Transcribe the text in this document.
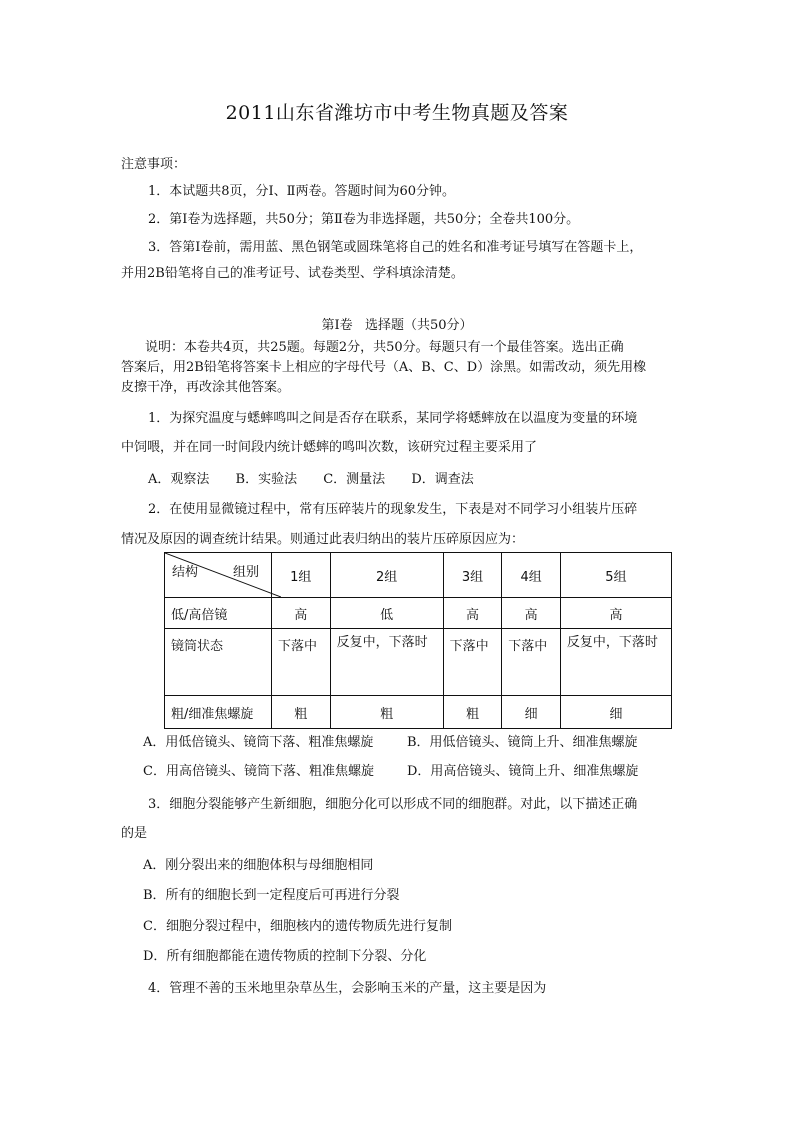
2011山东省潍坊市中考生物真题及答案
注意事项：
1．本试题共8页，分Ⅰ、Ⅱ两卷。答题时间为60分钟。
2．第Ⅰ卷为选择题，共50分；第Ⅱ卷为非选择题，共50分；全卷共100分。
3．答第Ⅰ卷前，需用蓝、黑色钢笔或圆珠笔将自己的姓名和准考证号填写在答题卡上，
并用2B铅笔将自己的准考证号、试卷类型、学科填涂清楚。
第Ⅰ卷   选择题（共50分）
说明：本卷共4页，共25题。每题2分，共50分。每题只有一个最佳答案。选出正确
答案后，用2B铅笔将答案卡上相应的字母代号（A、B、C、D）涂黑。如需改动，须先用橡
皮擦干净，再改涂其他答案。
1．为探究温度与蟋蟀鸣叫之间是否存在联系，某同学将蟋蟀放在以温度为变量的环境
中饲喂，并在同一时间段内统计蟋蟀的鸣叫次数，该研究过程主要采用了
A．观察法 B．实验法 C．测量法 D．调查法
2．在使用显微镜过程中，常有压碎装片的现象发生，下表是对不同学习小组装片压碎
情况及原因的调查统计结果。则通过此表归纳出的装片压碎原因应为：
结构 组别	1组	2组	3组	4组	5组
低/高倍镜	高	低	高	高	高
镜筒状态	下落中	反复中，下落时	下落中	下落中	反复中，下落时
粗/细准焦螺旋	粗	粗	粗	细	细
A．用低倍镜头、镜筒下落、粗准焦螺旋	B．用低倍镜头、镜筒上升、细准焦螺旋
C．用高倍镜头、镜筒下落、粗准焦螺旋	D．用高倍镜头、镜筒上升、细准焦螺旋
3．细胞分裂能够产生新细胞，细胞分化可以形成不同的细胞群。对此，以下描述正确
的是
A．刚分裂出来的细胞体积与母细胞相同
B．所有的细胞长到一定程度后可再进行分裂
C．细胞分裂过程中，细胞核内的遗传物质先进行复制
D．所有细胞都能在遗传物质的控制下分裂、分化
4．管理不善的玉米地里杂草丛生，会影响玉米的产量，这主要是因为
